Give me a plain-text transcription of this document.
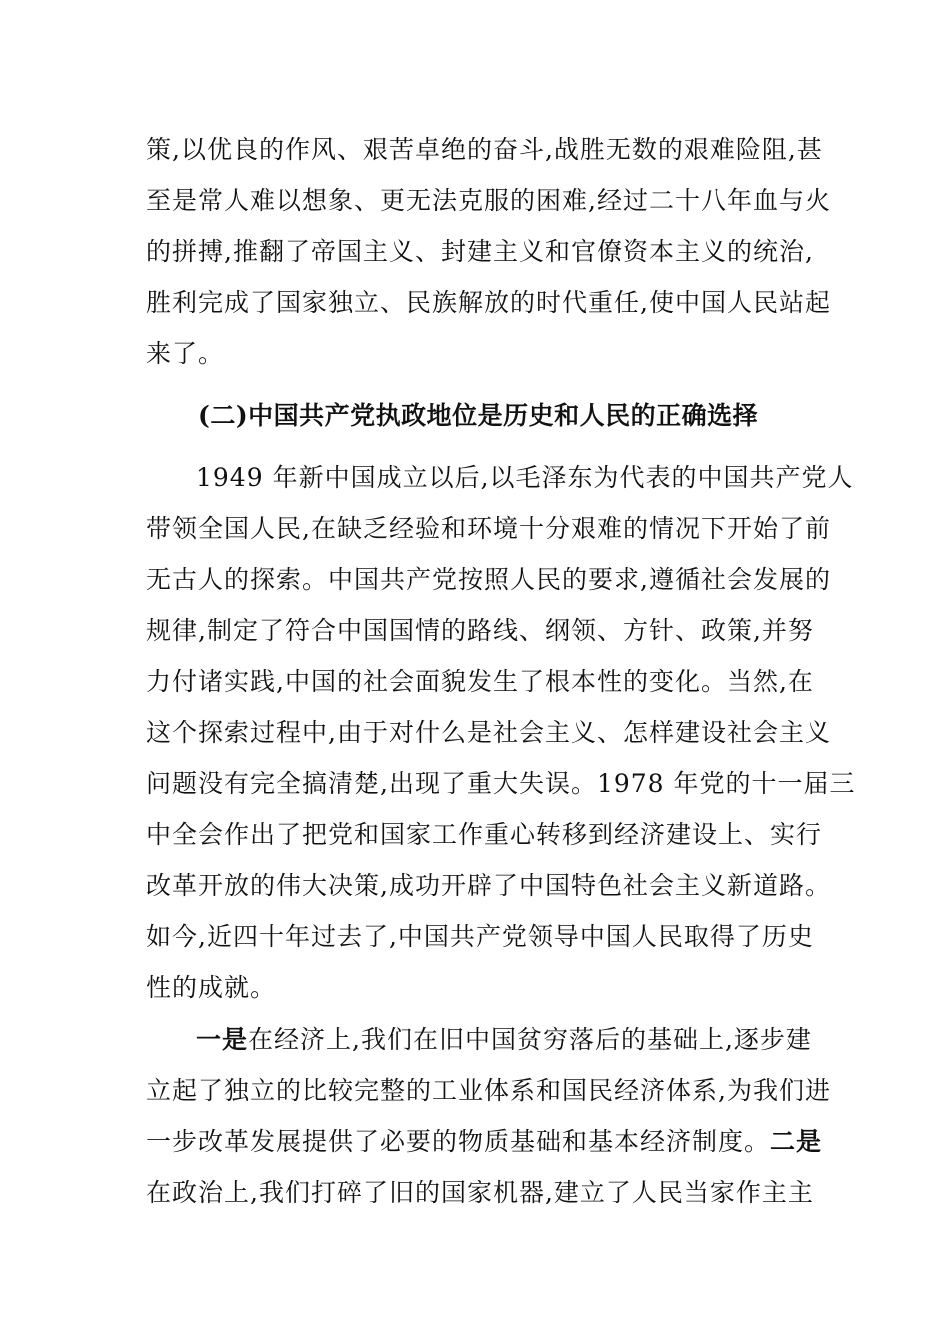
策,以优良的作风、艰苦卓绝的奋斗,战胜无数的艰难险阻,甚
至是常人难以想象、更无法克服的困难,经过二十八年血与火
的拼搏,推翻了帝国主义、封建主义和官僚资本主义的统治,
胜利完成了国家独立、民族解放的时代重任,使中国人民站起
来了。
(二)中国共产党执政地位是历史和人民的正确选择
1949 年新中国成立以后,以毛泽东为代表的中国共产党人
带领全国人民,在缺乏经验和环境十分艰难的情况下开始了前
无古人的探索。中国共产党按照人民的要求,遵循社会发展的
规律,制定了符合中国国情的路线、纲领、方针、政策,并努
力付诸实践,中国的社会面貌发生了根本性的变化。当然,在
这个探索过程中,由于对什么是社会主义、怎样建设社会主义
问题没有完全搞清楚,出现了重大失误。1978 年党的十一届三
中全会作出了把党和国家工作重心转移到经济建设上、实行
改革开放的伟大决策,成功开辟了中国特色社会主义新道路。
如今,近四十年过去了,中国共产党领导中国人民取得了历史
性的成就。
一是在经济上,我们在旧中国贫穷落后的基础上,逐步建
立起了独立的比较完整的工业体系和国民经济体系,为我们进
一步改革发展提供了必要的物质基础和基本经济制度。二是
在政治上,我们打碎了旧的国家机器,建立了人民当家作主主
